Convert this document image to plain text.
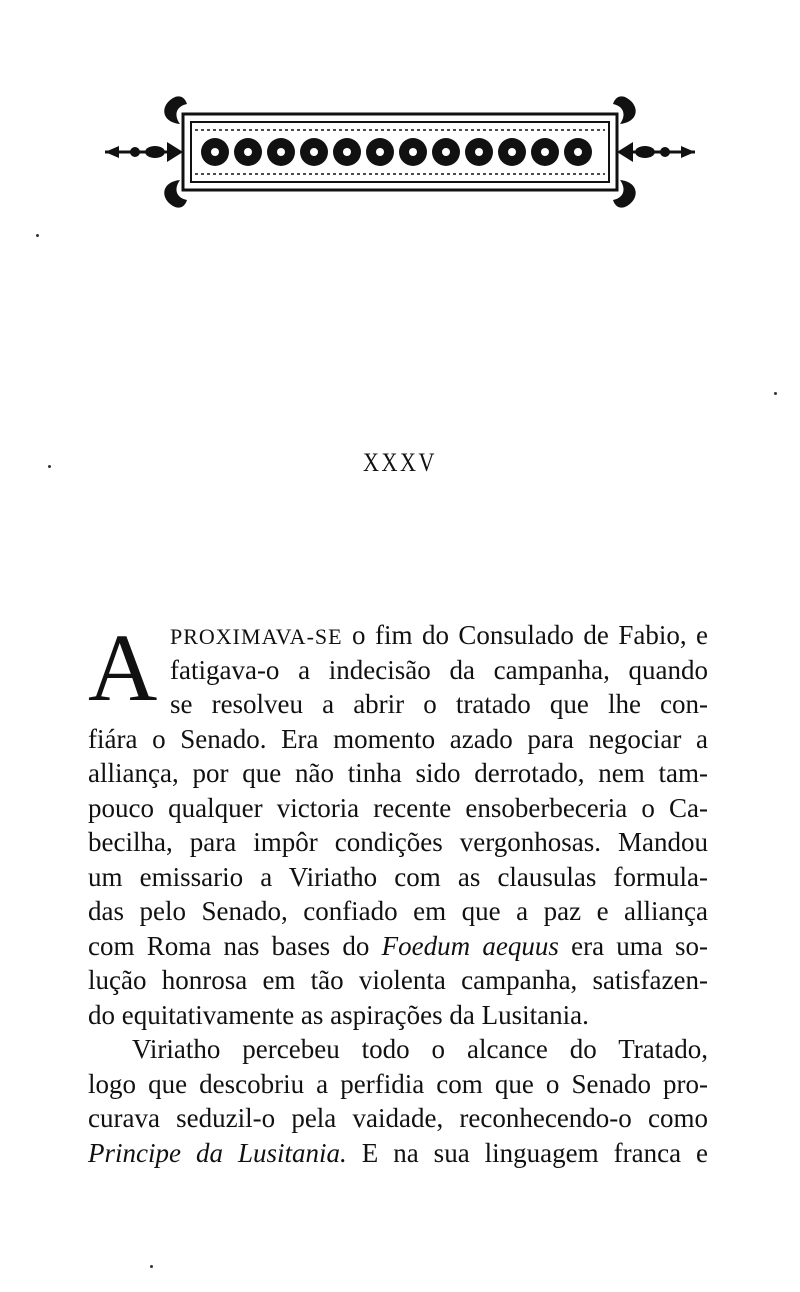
XXXV
A PROXIMAVA-SE o fim do Consulado de Fabio, e
fatigava-o a indecisão da campanha, quando
se resolveu a abrir o tratado que lhe con-
fiára o Senado. Era momento azado para negociar a
alliança, por que não tinha sido derrotado, nem tam-
pouco qualquer victoria recente ensoberbeceria o Ca-
becilha, para impôr condições vergonhosas. Mandou
um emissario a Viriatho com as clausulas formula-
das pelo Senado, confiado em que a paz e alliança
com Roma nas bases do Foedum aequus era uma so-
lução honrosa em tão violenta campanha, satisfazen-
do equitativamente as aspirações da Lusitania.
Viriatho percebeu todo o alcance do Tratado,
logo que descobriu a perfidia com que o Senado pro-
curava seduzil-o pela vaidade, reconhecendo-o como
Principe da Lusitania. E na sua linguagem franca e
